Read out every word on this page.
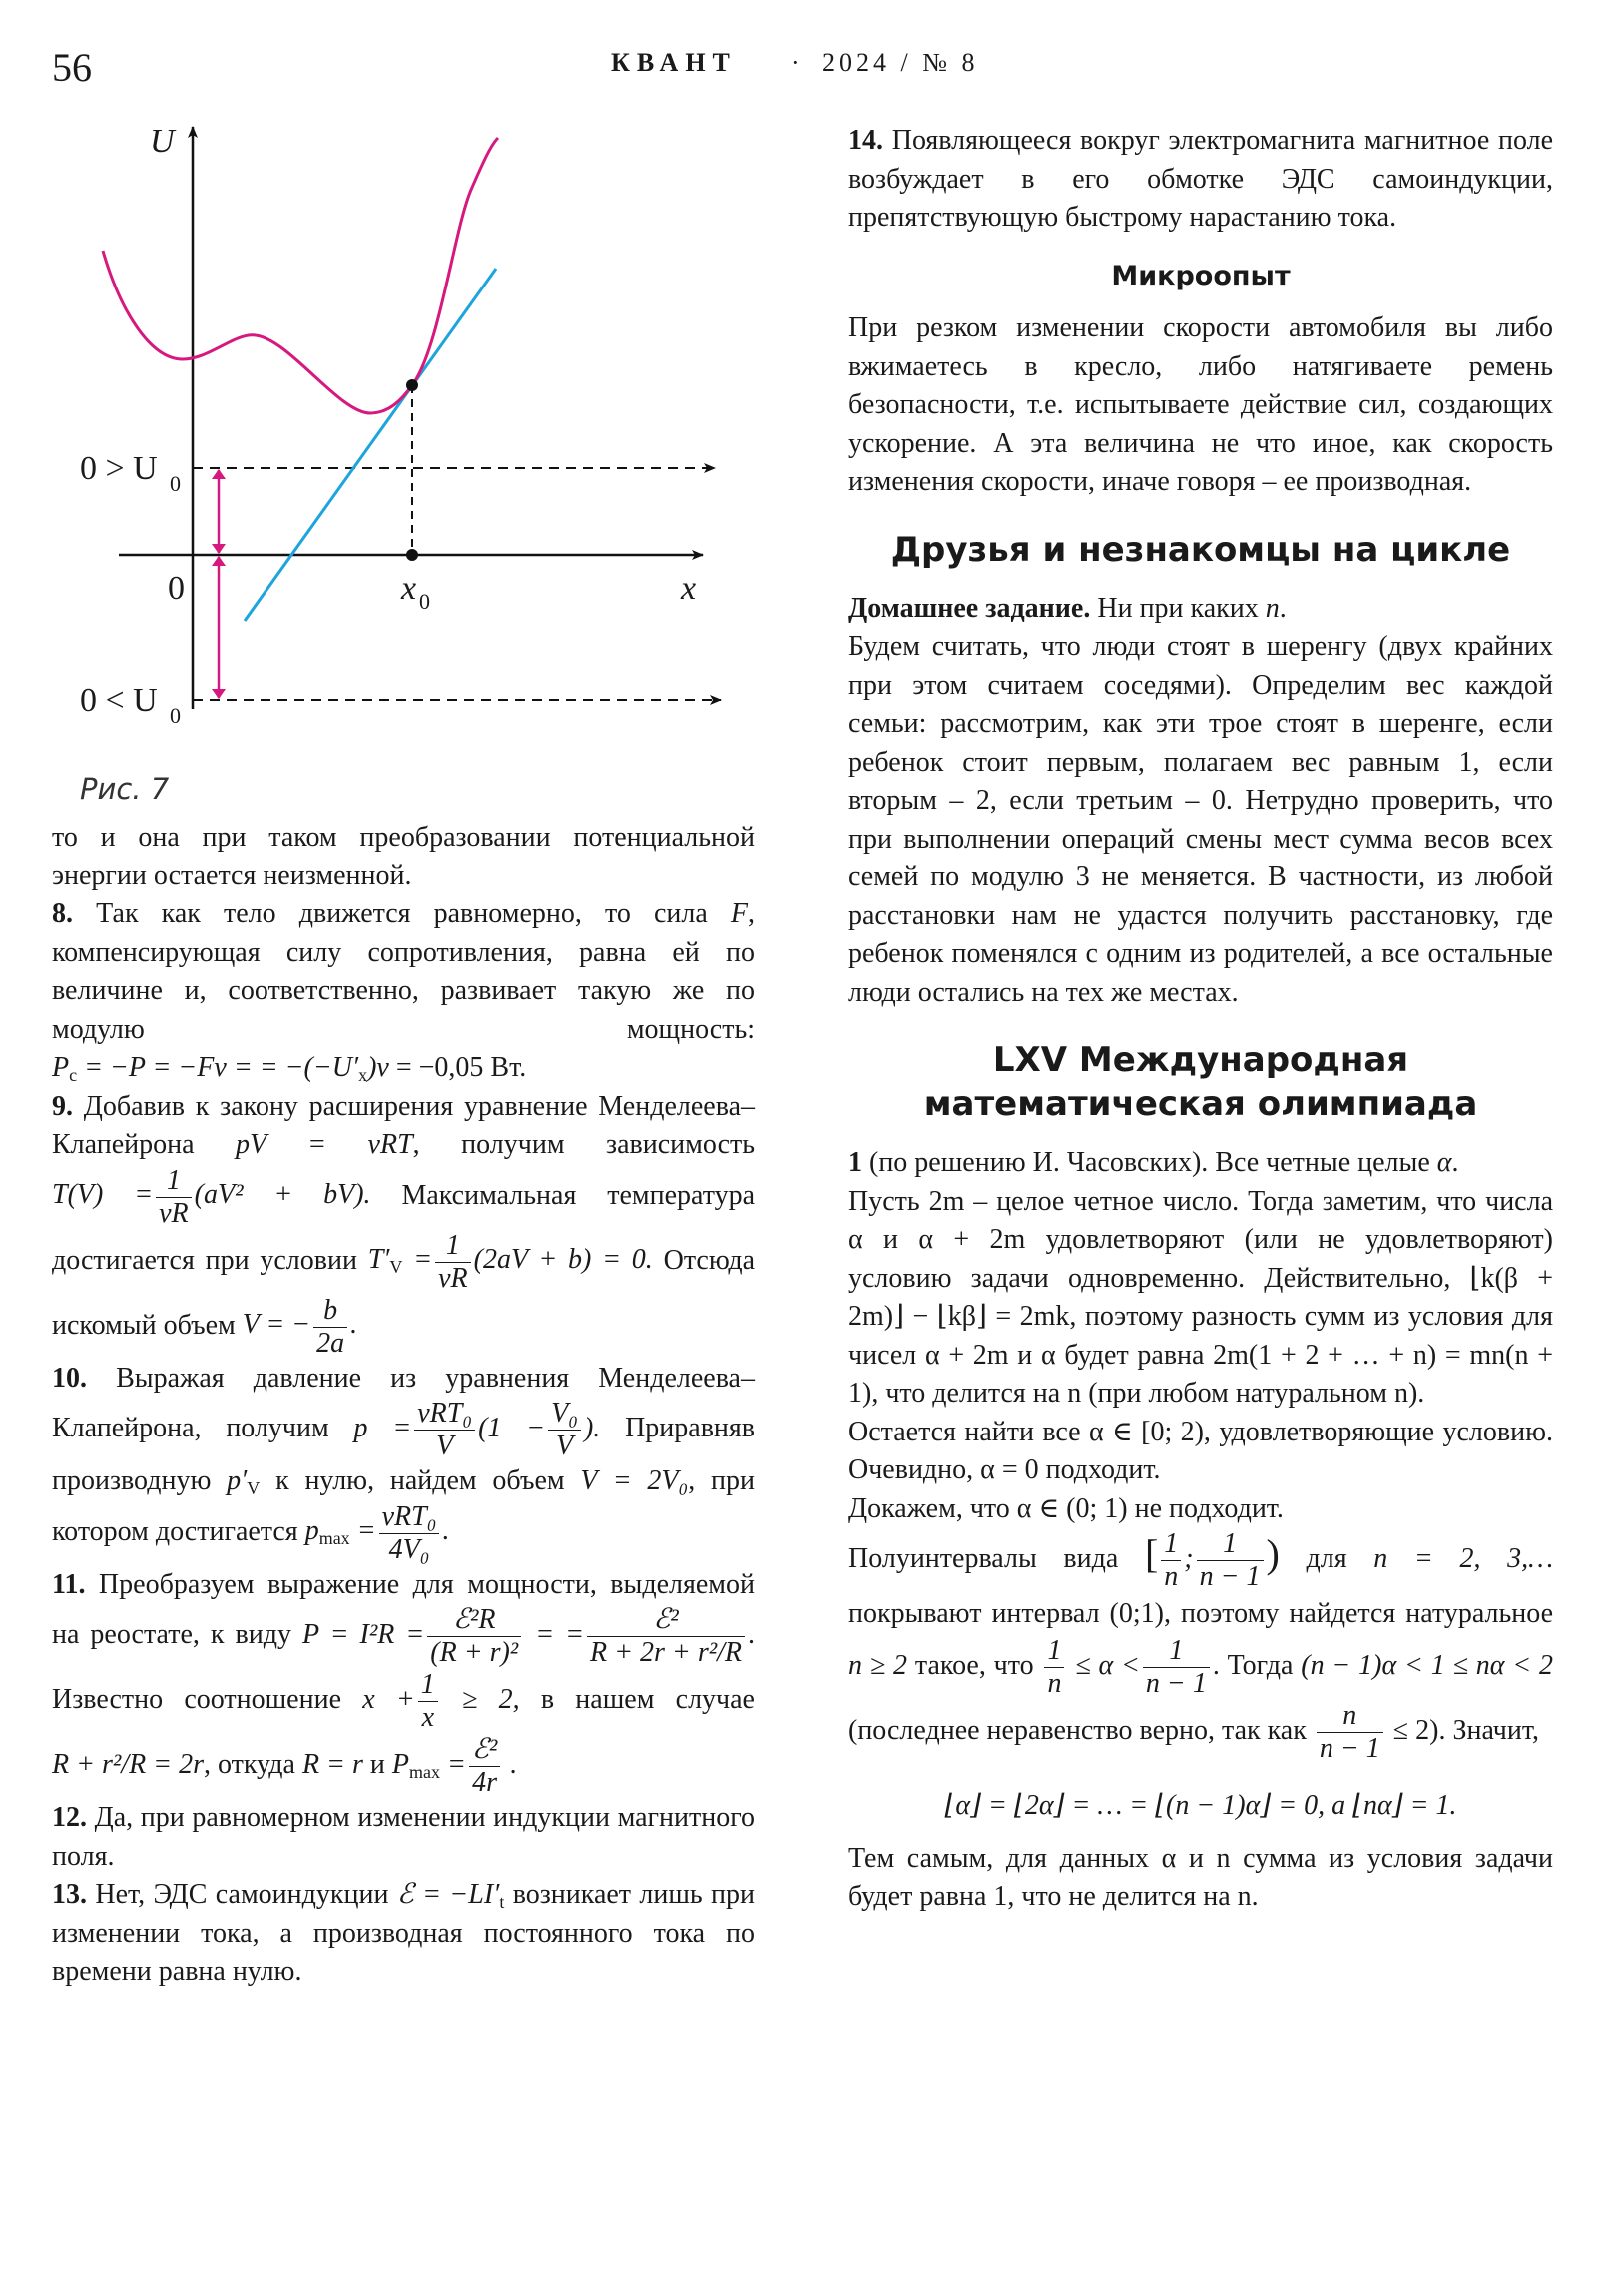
56	КВАНТ · 2024 / № 8
U
x
0	x 0
0 > U 0
0 < U 0
Рис. 7

то и она при таком преобразовании потенциальной энергии остается неизменной.

8. Так как тело движется равномерно, то сила F, компенсирующая силу сопротивления, равна ей по величине и, соответственно, развивает такую же по модулю мощность: $P_c = -P = -Fv$ = = $-(-U'_x)v = -0,05$ Вт.

9. Добавив к закону расширения уравнение Менделеева–Клапейрона pV = νRT, получим зависимость $T(V) = \frac{1}{\nu R} (aV^2 + bV)$. Максимальная температура достигается при условии $T'_V = \frac{1}{\nu R} (2aV + b) = 0$. Отсюда искомый объем V = − $\frac{b}{2a}$ .

10. Выражая давление из уравнения Менделеева–Клапейрона, получим $p = \frac{\text{νRT₀}}{V} (1 - \frac{\text{V₀}}{V}$ ). Приравняв производную $p'_V$ к нулю, найдем объем V = 2V₀, при котором достигается $p_{max} = \frac{\text{νRT₀}}{\text{4V₀}}$ .

11. Преобразуем выражение для мощности, выделяемой на реостате, к виду $P = I^2R = \frac{\text{ℰ²R}}{\text{(R + r)²}}$ = = $\frac{\text{ℰ²}}{\text{R + 2r + r²/R}}$ . Известно соотношение $x + \frac{1}{x} \ge 2$, в нашем случае R + r²/R = 2r, откуда R = r и $P_{max} = \frac{\text{ℰ²}}{4r}$ .

12. Да, при равномерном изменении индукции магнитного поля.

13. Нет, ЭДС самоиндукции ℰ = $-LI'_t$ возникает лишь при изменении тока, а производная постоянного тока по времени равна нулю.

14. Появляющееся вокруг электромагнита магнитное поле возбуждает в его обмотке ЭДС самоиндукции, препятствующую быстрому нарастанию тока.

Микроопыт

При резком изменении скорости автомобиля вы либо вжимаетесь в кресло, либо натягиваете ремень безопасности, т.е. испытываете действие сил, создающих ускорение. А эта величина не что иное, как скорость изменения скорости, иначе говоря – ее производная.

Друзья и незнакомцы на цикле

Домашнее задание. Ни при каких n.

Будем считать, что люди стоят в шеренгу (двух крайних при этом считаем соседями). Определим вес каждой семьи: рассмотрим, как эти трое стоят в шеренге, если ребенок стоит первым, полагаем вес равным 1, если вторым – 2, если третьим – 0. Нетрудно проверить, что при выполнении операций смены мест сумма весов всех семей по модулю 3 не меняется. В частности, из любой расстановки нам не удастся получить расстановку, где ребенок поменялся с одним из родителей, а все остальные люди остались на тех же местах.

LXV Международная
математическая олимпиада

1 (по решению И. Часовских). Все четные целые α.

Пусть 2m – целое четное число. Тогда заметим, что числа α и α + 2m удовлетворяют (или не удовлетворяют) условию задачи одновременно. Действительно, ⌊k(β + 2m)⌋ − ⌊kβ⌋ = 2mk, поэтому разность сумм из условия для чисел α + 2m и α будет равна 2m(1 + 2 + … + n) = mn(n + 1), что делится на n (при любом натуральном n).

Остается найти все α ∈ [0; 2), удовлетворяющие условию. Очевидно, α = 0 подходит.

Докажем, что α ∈ (0; 1) не подходит.

Полуинтервалы вида [ $\frac{1}{n}$ ; $\frac{1}{n - 1}$ ) для n = 2, 3,… покрывают интервал (0;1), поэтому найдется натуральное n ≥ 2 такое, что $\frac{1}{n} \le \alpha < \frac{1}{n - 1}$ . Тогда (n − 1)α < 1 ≤ nα < 2 (последнее неравенство верно, так как $\frac{n}{n - 1} \le 2$). Значит,

⌊α⌋ = ⌊2α⌋ = … = ⌊(n − 1)α⌋ = 0, а ⌊nα⌋ = 1.

Тем самым, для данных α и n сумма из условия задачи будет равна 1, что не делится на n.
